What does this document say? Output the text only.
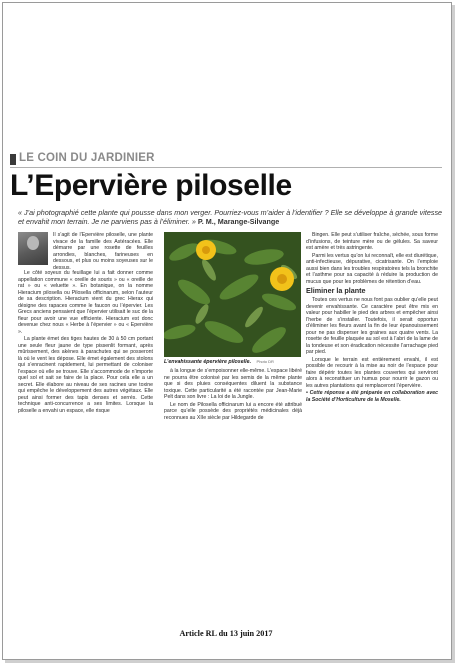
LE COIN DU JARDINIER
L’Epervière piloselle
« J’ai photographié cette plante qui pousse dans mon verger. Pourriez-vous m’aider à l’identifier ? Elle se développe à grande vitesse et envahit mon terrain. Je ne parviens pas à l’éliminer. » P. M., Marange-Silvange
Il s’agit de l’Epervière piloselle, une plante vivace de la famille des Astéracées. Elle démarre par une rosette de feuilles arrondies, blanches, farineuses en dessous, et plus ou moins soyeuses sur le dessus.

Le côté soyeux du feuillage lui a fait donner comme appellation commune « oreille de souris » ou « oreille de rat » ou « veluette ». En botanique, on la nomme Hieracium pilosella ou Pilosella officinarum, selon l’auteur de sa description. Hieracium vient du grec Hierax qui désigne des rapaces comme le faucon ou l’épervier. Les Grecs anciens pensaient que l’épervier utilisait le suc de la fleur pour avoir une vue efficiente. Hieracium est donc devenue chez nous « Herbe à l’épervier » ou « Epervière ».

La plante émet des tiges hautes de 30 à 50 cm portant une seule fleur jaune de type pissenlit formant, après mûrissement, des akènes à parachutes qui se posseront là où le vent les dépose. Elle émet également des stolons qui s’enracinent rapidement, lui permettant de coloniser l’espace où elle se trouve. Elle s’accommode de n’importe quel sol et sait se faire de la place. Pour cela elle a un secret. Elle élabore au niveau de ses racines une toxine qui empêche le développement des autres végétaux. Elle peut ainsi former des tapis denses et serrés. Cette technique anti-concurrence a ses limites. Lorsque la piloselle a envahi un espace, elle risque

L’envahissante épervière piloselle. Photo DR

à la longue de s’empoisonner elle-même. L’espace libéré ne pourra être colonisé par les semis de la même plante que si des pluies conséquentes diluent la substance toxique. Cette particularité a été racontée par Jean-Marie Pelt dans son livre : La loi de la Jungle.

Le nom de Pilosella officinarum lui a encore été attribué parce qu’elle possède des propriétés médicinales déjà reconnues au XIIe siècle par Hildegarde de

Bingen. Elle peut s’utiliser fraîche, séchée, sous forme d’infusions, de teinture mère ou de gélules. Sa saveur est amère et très astringente.

Parmi les vertus qu’on lui reconnaît, elle est diurétique, anti-infectieuse, dépurative, cicatrisante. On l’emploie aussi bien dans les troubles respiratoires tels la bronchite et l’asthme pour sa capacité à réduire la production de mucus que pour les problèmes de rétention d’eau.

Eliminer la plante

Toutes ces vertus ne nous font pas oublier qu’elle peut devenir envahissante. Ce caractère peut être mis en valeur pour habiller le pied des arbres et empêcher ainsi l’herbe de s’installer. Toutefois, il serait opportun d’éliminer les fleurs avant la fin de leur épanouissement pour ne pas disperser les graines aux quatre vents. La rosette de feuille plaquée au sol est à l’abri de la lame de la tondeuse et son éradication nécessite l’arrachage pied par pied.

Lorsque le terrain est entièrement envahi, il est possible de recourir à la mise au noir de l’espace pour faire dépérir toutes les plantes couvertes qui serviront alors à reconstituer un humus pour nourrir le gazon ou les autres plantations qui remplaceront l’épervière.

• Cette réponse a été préparée en collaboration avec la Société d’Horticulture de la Moselle.

Article RL du 13 juin 2017
